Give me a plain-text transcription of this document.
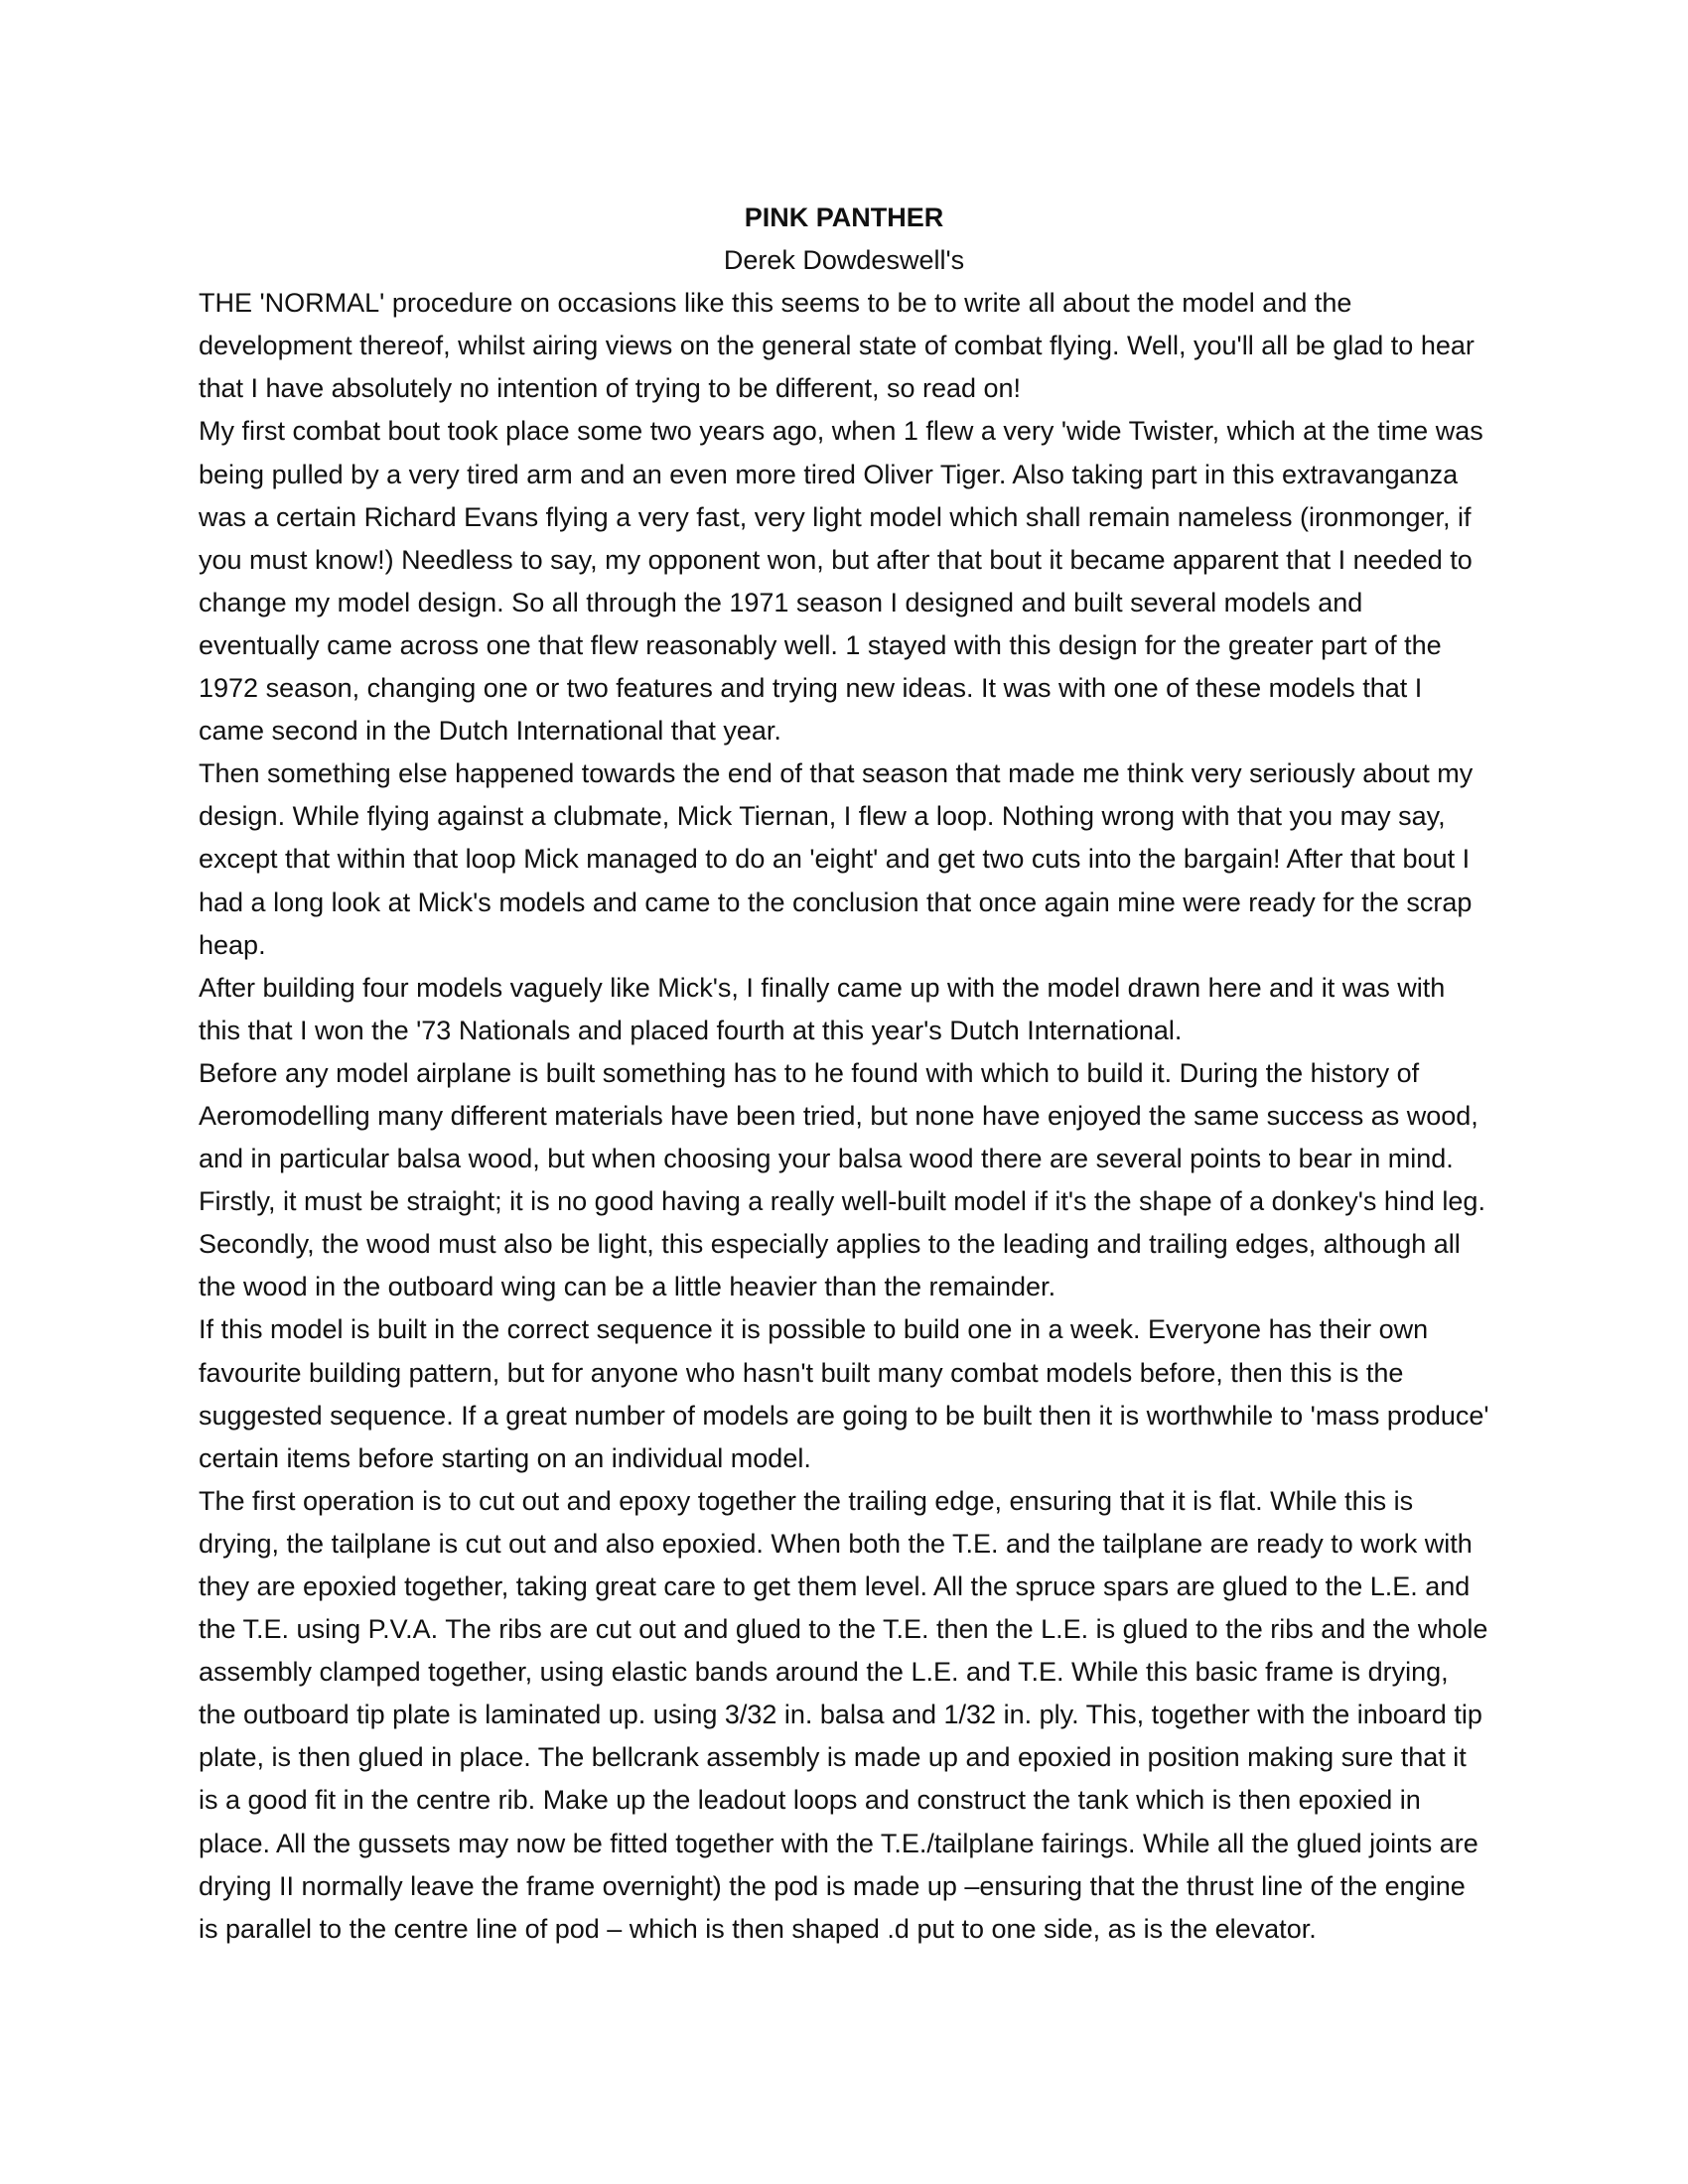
PINK PANTHER

Derek Dowdeswell's

THE 'NORMAL' procedure on occasions like this seems to be to write all about the model and the development thereof, whilst airing views on the general state of combat flying. Well, you'll all be glad to hear that I have absolutely no intention of trying to be different, so read on!

My first combat bout took place some two years ago, when 1 flew a very 'wide Twister, which at the time was being pulled by a very tired arm and an even more tired Oliver Tiger. Also taking part in this extravanganza was a certain Richard Evans flying a very fast, very light model which shall remain nameless (ironmonger, if you must know!) Needless to say, my opponent won, but after that bout it became apparent that I needed to change my model design. So all through the 1971 season I designed and built several models and eventually came across one that flew reasonably well. 1 stayed with this design for the greater part of the 1972 season, changing one or two features and trying new ideas. It was with one of these models that I came second in the Dutch International that year.

Then something else happened towards the end of that season that made me think very seriously about my design. While flying against a clubmate, Mick Tiernan, I flew a loop. Nothing wrong with that you may say, except that within that loop Mick managed to do an 'eight' and get two cuts into the bargain! After that bout I had a long look at Mick's models and came to the conclusion that once again mine were ready for the scrap heap.

After building four models vaguely like Mick's, I finally came up with the model drawn here and it was with this that I won the '73 Nationals and placed fourth at this year's Dutch International.

Before any model airplane is built something has to he found with which to build it. During the history of Aeromodelling many different materials have been tried, but none have enjoyed the same success as wood, and in particular balsa wood, but when choosing your balsa wood there are several points to bear in mind. Firstly, it must be straight; it is no good having a really well-built model if it's the shape of a donkey's hind leg. Secondly, the wood must also be light, this especially applies to the leading and trailing edges, although all the wood in the outboard wing can be a little heavier than the remainder.

If this model is built in the correct sequence it is possible to build one in a week. Everyone has their own favourite building pattern, but for anyone who hasn't built many combat models before, then this is the suggested sequence. If a great number of models are going to be built then it is worthwhile to 'mass produce' certain items before starting on an individual model.

The first operation is to cut out and epoxy together the trailing edge, ensuring that it is flat. While this is drying, the tailplane is cut out and also epoxied. When both the T.E. and the tailplane are ready to work with they are epoxied together, taking great care to get them level. All the spruce spars are glued to the L.E. and the T.E. using P.V.A. The ribs are cut out and glued to the T.E. then the L.E. is glued to the ribs and the whole assembly clamped together, using elastic bands around the L.E. and T.E. While this basic frame is drying, the outboard tip plate is laminated up. using 3/32 in. balsa and 1/32 in. ply. This, together with the inboard tip plate, is then glued in place. The bellcrank assembly is made up and epoxied in position making sure that it is a good fit in the centre rib. Make up the leadout loops and construct the tank which is then epoxied in place. All the gussets may now be fitted together with the T.E./tailplane fairings. While all the glued joints are drying II normally leave the frame overnight) the pod is made up –ensuring that the thrust line of the engine is parallel to the centre line of pod – which is then shaped .d put to one side, as is the elevator.
